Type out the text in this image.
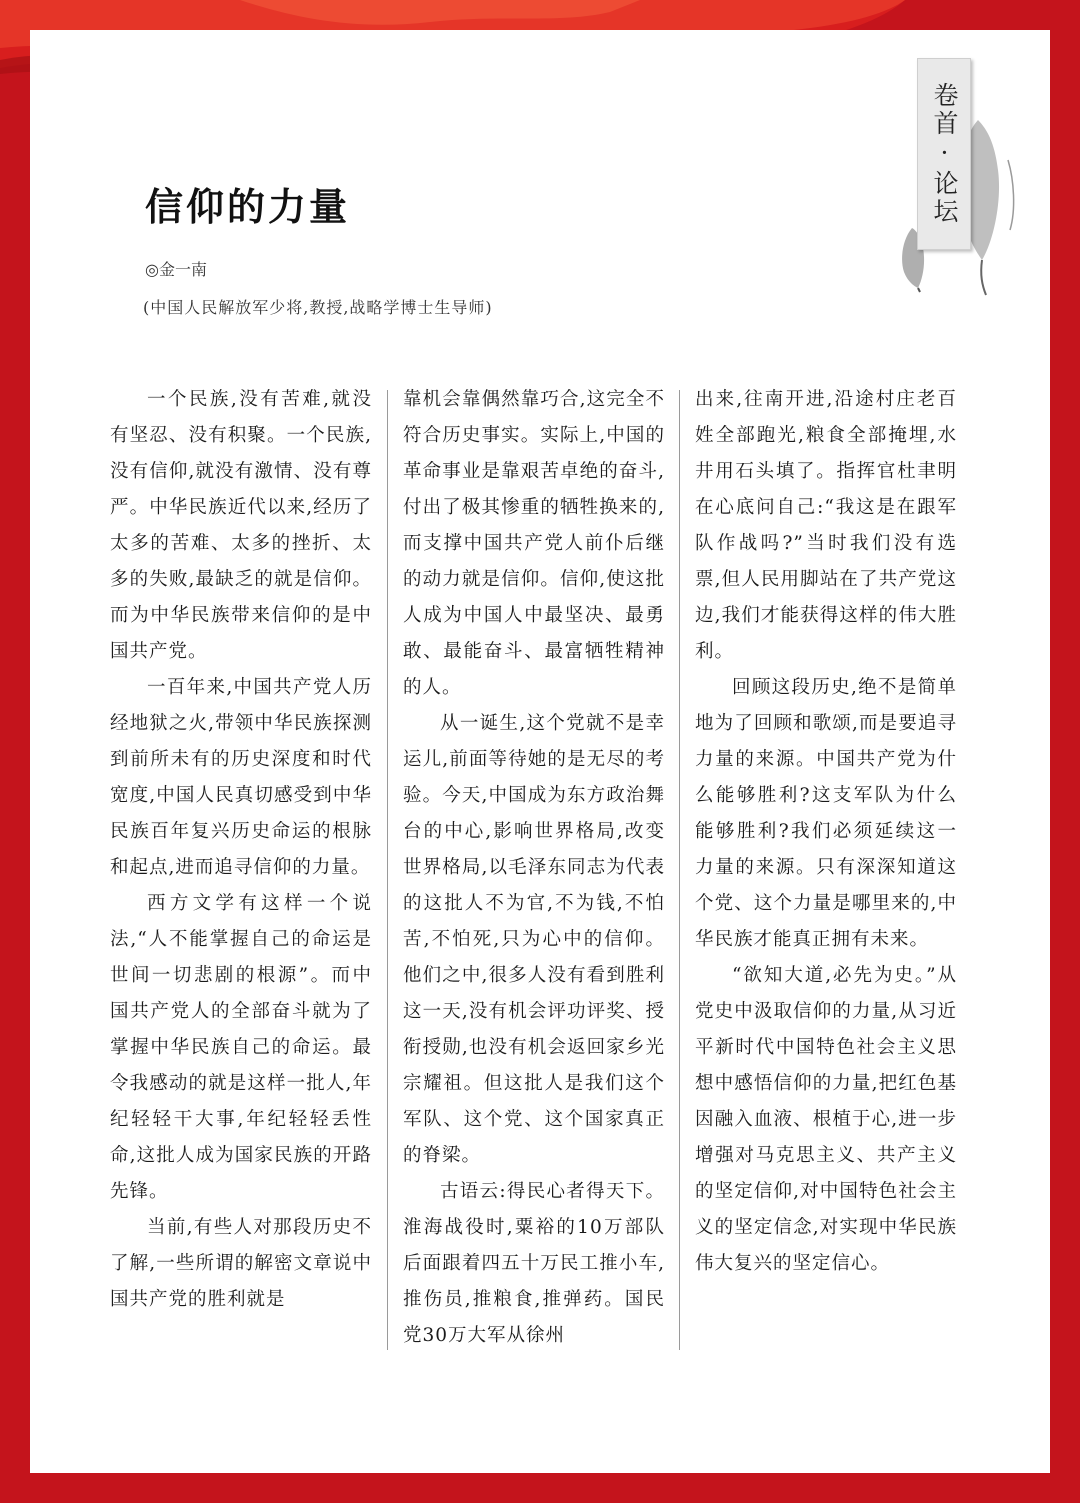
卷首·论坛
信仰的力量
◎金一南
(中国人民解放军少将,教授,战略学博士生导师)

一个民族,没有苦难,就没有坚忍、没有积聚。一个民族,没有信仰,就没有激情、没有尊严。中华民族近代以来,经历了太多的苦难、太多的挫折、太多的失败,最缺乏的就是信仰。而为中华民族带来信仰的是中国共产党。

一百年来,中国共产党人历经地狱之火,带领中华民族探测到前所未有的历史深度和时代宽度,中国人民真切感受到中华民族百年复兴历史命运的根脉和起点,进而追寻信仰的力量。

西方文学有这样一个说法,“人不能掌握自己的命运是世间一切悲剧的根源”。而中国共产党人的全部奋斗就为了掌握中华民族自己的命运。最令我感动的就是这样一批人,年纪轻轻干大事,年纪轻轻丢性命,这批人成为国家民族的开路先锋。

当前,有些人对那段历史不了解,一些所谓的解密文章说中国共产党的胜利就是

靠机会靠偶然靠巧合,这完全不符合历史事实。实际上,中国的革命事业是靠艰苦卓绝的奋斗,付出了极其惨重的牺牲换来的,而支撑中国共产党人前仆后继的动力就是信仰。信仰,使这批人成为中国人中最坚决、最勇敢、最能奋斗、最富牺牲精神的人。

从一诞生,这个党就不是幸运儿,前面等待她的是无尽的考验。今天,中国成为东方政治舞台的中心,影响世界格局,改变世界格局,以毛泽东同志为代表的这批人不为官,不为钱,不怕苦,不怕死,只为心中的信仰。他们之中,很多人没有看到胜利这一天,没有机会评功评奖、授衔授勋,也没有机会返回家乡光宗耀祖。但这批人是我们这个军队、这个党、这个国家真正的脊梁。

古语云:得民心者得天下。淮海战役时,粟裕的10万部队后面跟着四五十万民工推小车,推伤员,推粮食,推弹药。国民党30万大军从徐州

出来,往南开进,沿途村庄老百姓全部跑光,粮食全部掩埋,水井用石头填了。指挥官杜聿明在心底问自己:“我这是在跟军队作战吗?”当时我们没有选票,但人民用脚站在了共产党这边,我们才能获得这样的伟大胜利。

回顾这段历史,绝不是简单地为了回顾和歌颂,而是要追寻力量的来源。中国共产党为什么能够胜利?这支军队为什么能够胜利?我们必须延续这一力量的来源。只有深深知道这个党、这个力量是哪里来的,中华民族才能真正拥有未来。

“欲知大道,必先为史。”从党史中汲取信仰的力量,从习近平新时代中国特色社会主义思想中感悟信仰的力量,把红色基因融入血液、根植于心,进一步增强对马克思主义、共产主义的坚定信仰,对中国特色社会主义的坚定信念,对实现中华民族伟大复兴的坚定信心。
